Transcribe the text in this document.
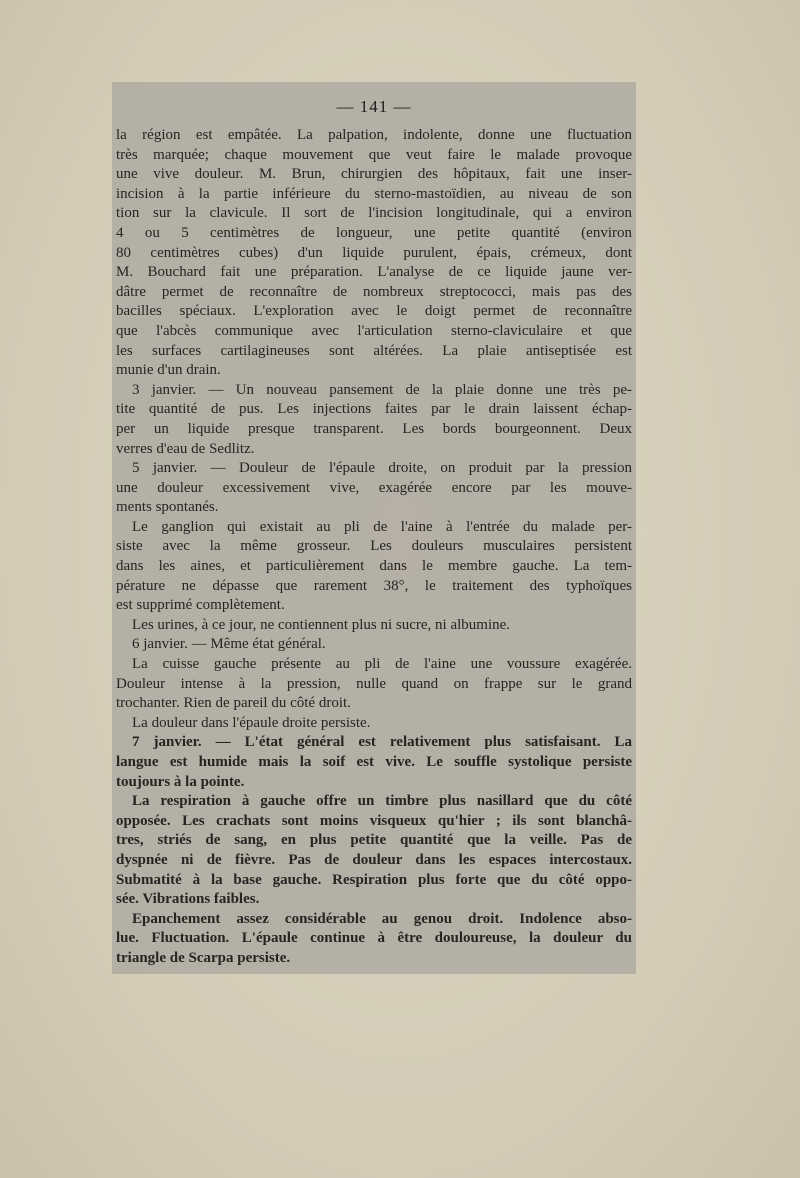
— 141 —

la région est empâtée. La palpation, indolente, donne une fluctuation
très marquée; chaque mouvement que veut faire le malade provoque
une vive douleur. M. Brun, chirurgien des hôpitaux, fait une inser-
incision à la partie inférieure du sterno-mastoïdien, au niveau de son
tion sur la clavicule. Il sort de l'incision longitudinale, qui a environ
4 ou 5 centimètres de longueur, une petite quantité (environ
80 centimètres cubes) d'un liquide purulent, épais, crémeux, dont
M. Bouchard fait une préparation. L'analyse de ce liquide jaune ver-
dâtre permet de reconnaître de nombreux streptococci, mais pas des
bacilles spéciaux. L'exploration avec le doigt permet de reconnaître
que l'abcès communique avec l'articulation sterno-claviculaire et que
les surfaces cartilagineuses sont altérées. La plaie antiseptisée est
munie d'un drain.

3 janvier. — Un nouveau pansement de la plaie donne une très pe-
tite quantité de pus. Les injections faites par le drain laissent échap-
per un liquide presque transparent. Les bords bourgeonnent. Deux
verres d'eau de Sedlitz.

5 janvier. — Douleur de l'épaule droite, on produit par la pression
une douleur excessivement vive, exagérée encore par les mouve-
ments spontanés.

Le ganglion qui existait au pli de l'aine à l'entrée du malade per-
siste avec la même grosseur. Les douleurs musculaires persistent
dans les aines, et particulièrement dans le membre gauche. La tem-
pérature ne dépasse que rarement 38°, le traitement des typhoïques
est supprimé complètement.

Les urines, à ce jour, ne contiennent plus ni sucre, ni albumine.

6 janvier. — Même état général.

La cuisse gauche présente au pli de l'aine une voussure exagérée.
Douleur intense à la pression, nulle quand on frappe sur le grand
trochanter. Rien de pareil du côté droit.

La douleur dans l'épaule droite persiste.

7 janvier. — L'état général est relativement plus satisfaisant. La
langue est humide mais la soif est vive. Le souffle systolique persiste
toujours à la pointe.

La respiration à gauche offre un timbre plus nasillard que du côté
opposée. Les crachats sont moins visqueux qu'hier ; ils sont blanchâ-
tres, striés de sang, en plus petite quantité que la veille. Pas de
dyspnée ni de fièvre. Pas de douleur dans les espaces intercostaux.
Submatité à la base gauche. Respiration plus forte que du côté oppo-
sée. Vibrations faibles.

Epanchement assez considérable au genou droit. Indolence abso-
lue. Fluctuation. L'épaule continue à être douloureuse, la douleur du
triangle de Scarpa persiste.
